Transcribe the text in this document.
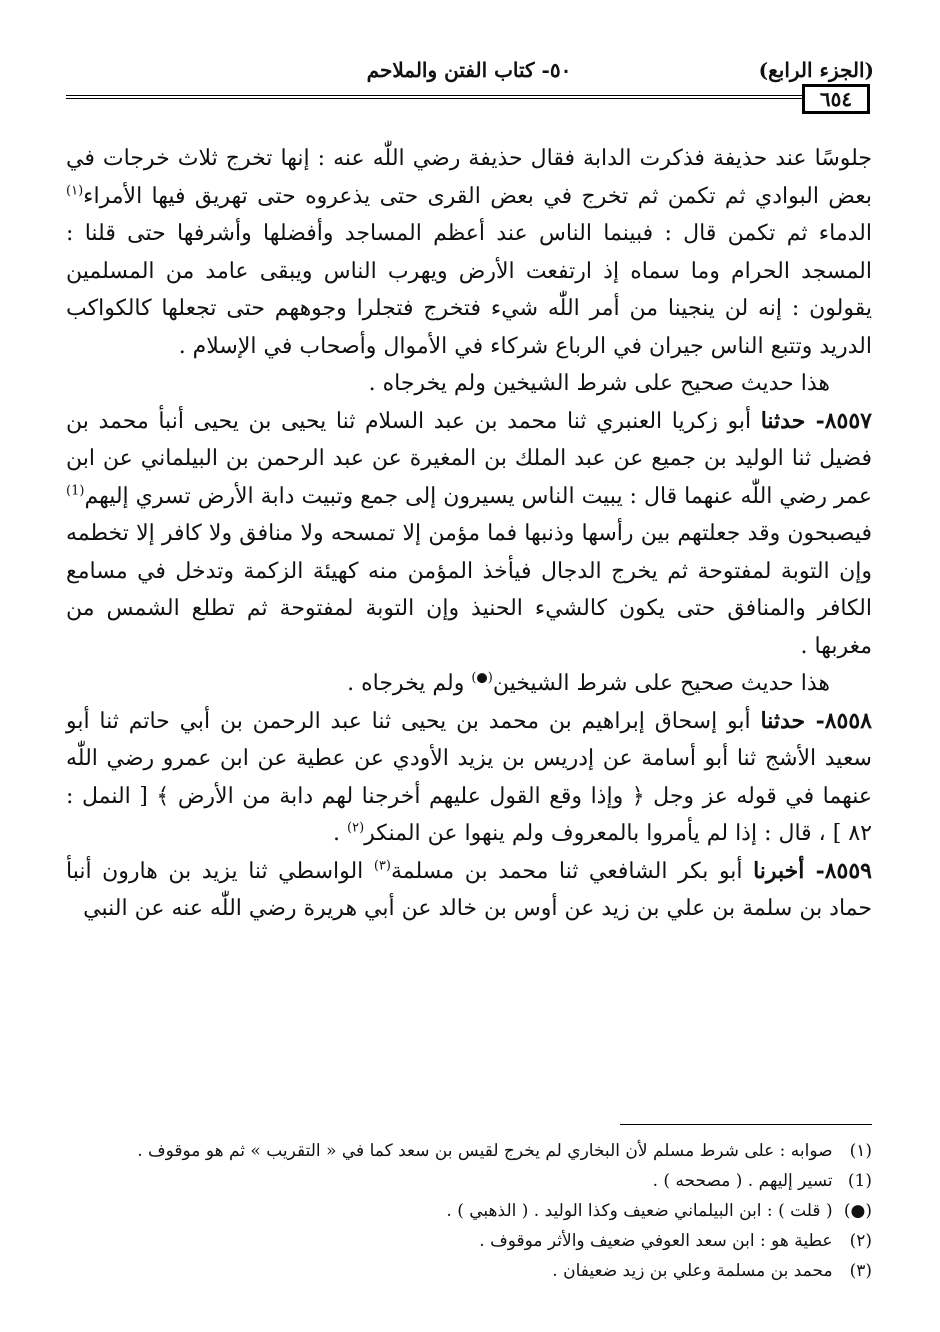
(الجزء الرابع)
٥٠- كتاب الفتن والملاحم
٦٥٤

جلوسًا عند حذيفة فذكرت الدابة فقال حذيفة رضي اللّٰه عنه : إنها تخرج ثلاث خرجات في بعض البوادي ثم تكمن ثم تخرج في بعض القرى حتى يذعروه حتى تهريق فيها الأمراء$^{(١)}$ الدماء ثم تكمن قال : فبينما الناس عند أعظم المساجد وأفضلها وأشرفها حتى قلنا : المسجد الحرام وما سماه إذ ارتفعت الأرض ويهرب الناس ويبقى عامد من المسلمين يقولون : إنه لن ينجينا من أمر اللّٰه شيء فتخرج فتجلرا وجوههم حتى تجعلها كالكواكب الدريد وتتبع الناس جيران في الرباع شركاء في الأموال وأصحاب في الإسلام .

هذا حديث صحيح على شرط الشيخين ولم يخرجاه .

٨٥٥٧- حدثنا أبو زكريا العنبري ثنا محمد بن عبد السلام ثنا يحيى بن يحيى أنبأ محمد بن فضيل ثنا الوليد بن جميع عن عبد الملك بن المغيرة عن عبد الرحمن بن البيلماني عن ابن عمر رضي اللّٰه عنهما قال : يبيت الناس يسيرون إلى جمع وتبيت دابة الأرض تسري إليهم$^{(1)}$ فيصبحون وقد جعلتهم بين رأسها وذنبها فما مؤمن إلا تمسحه ولا منافق ولا كافر إلا تخطمه وإن التوبة لمفتوحة ثم يخرج الدجال فيأخذ المؤمن منه كهيئة الزكمة وتدخل في مسامع الكافر والمنافق حتى يكون كالشيء الحنيذ وإن التوبة لمفتوحة ثم تطلع الشمس من مغربها .

هذا حديث صحيح على شرط الشيخين(●) ولم يخرجاه .

٨٥٥٨- حدثنا أبو إسحاق إبراهيم بن محمد بن يحيى ثنا عبد الرحمن بن أبي حاتم ثنا أبو سعيد الأشج ثنا أبو أسامة عن إدريس بن يزيد الأودي عن عطية عن ابن عمرو رضي اللّٰه عنهما في قوله عز وجل ﴿ وإذا وقع القول عليهم أخرجنا لهم دابة من الأرض ﴾ [ النمل : ٨٢ ] ، قال : إذا لم يأمروا بالمعروف ولم ينهوا عن المنكر$^{(٢)}$ .

٨٥٥٩- أخبرنا أبو بكر الشافعي ثنا محمد بن مسلمة$^{(٣)}$ الواسطي ثنا يزيد بن هارون أنبأ حماد بن سلمة بن علي بن زيد عن أوس بن خالد عن أبي هريرة رضي اللّٰه عنه عن النبي

(١) صوابه : على شرط مسلم لأن البخاري لم يخرج لقيس بن سعد كما في « التقريب » ثم هو موقوف .
(1) تسير إليهم . ( مصححه ) .
(●) ( قلت ) : ابن البيلماني ضعيف وكذا الوليد . ( الذهبي ) .
(٢) عطية هو : ابن سعد العوفي ضعيف والأثر موقوف .
(٣) محمد بن مسلمة وعلي بن زيد ضعيفان .
